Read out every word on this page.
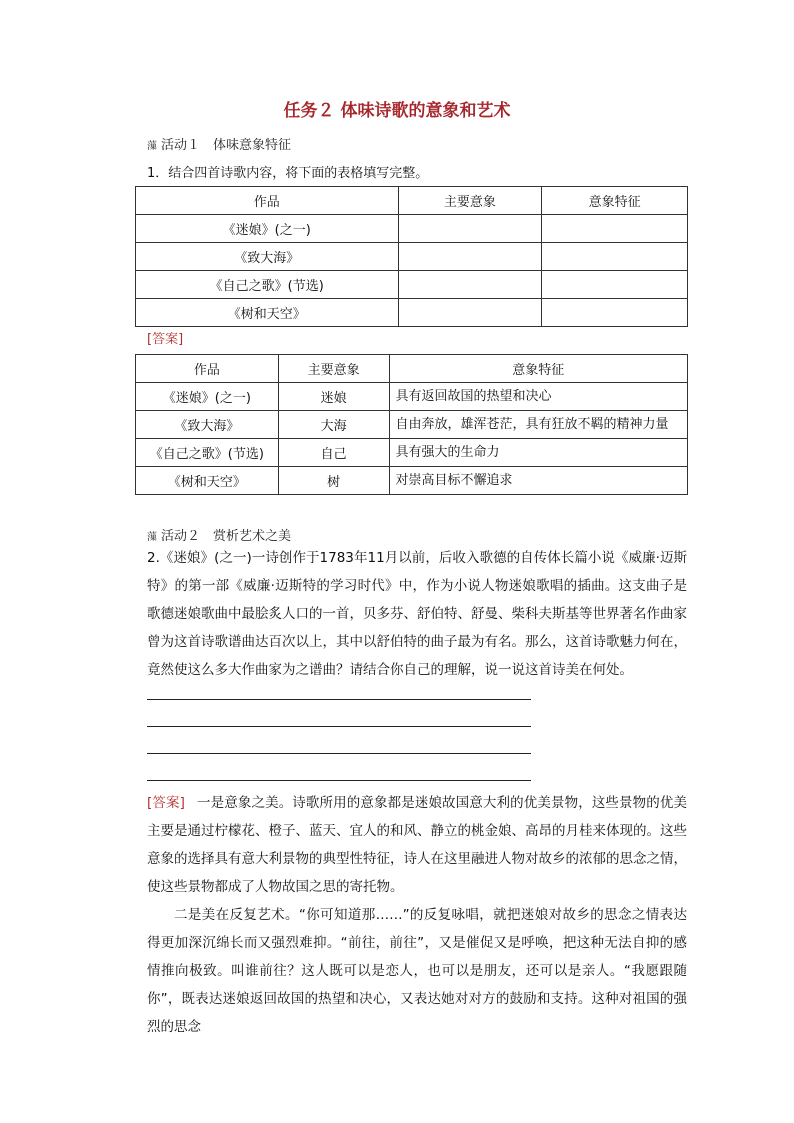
任务２ 体味诗歌的意象和艺术
薻 活动１　体味意象特征
1．结合四首诗歌内容，将下面的表格填写完整。
作品	主要意象	意象特征
《迷娘》(之一)		
《致大海》		
《自己之歌》(节选)		
《树和天空》		
[答案]
作品	主要意象	意象特征
《迷娘》(之一)	迷娘	具有返回故国的热望和决心
《致大海》	大海	自由奔放，雄浑苍茫，具有狂放不羁的精神力量
《自己之歌》(节选)	自己	具有强大的生命力
《树和天空》	树	对崇高目标不懈追求
薻 活动２　赏析艺术之美
2.《迷娘》(之一)一诗创作于1783年11月以前，后收入歌德的自传体长篇小说《威廉·迈斯特》的第一部《威廉·迈斯特的学习时代》中，作为小说人物迷娘歌唱的插曲。这支曲子是歌德迷娘歌曲中最脍炙人口的一首，贝多芬、舒伯特、舒曼、柴科夫斯基等世界著名作曲家曾为这首诗歌谱曲达百次以上，其中以舒伯特的曲子最为有名。那么，这首诗歌魅力何在，竟然使这么多大作曲家为之谱曲？请结合你自己的理解，说一说这首诗美在何处。
[答案] 一是意象之美。诗歌所用的意象都是迷娘故国意大利的优美景物，这些景物的优美主要是通过柠檬花、橙子、蓝天、宜人的和风、静立的桃金娘、高昂的月桂来体现的。这些意象的选择具有意大利景物的典型性特征，诗人在这里融进人物对故乡的浓郁的思念之情，使这些景物都成了人物故国之思的寄托物。
二是美在反复艺术。“你可知道那……”的反复咏唱，就把迷娘对故乡的思念之情表达得更加深沉绵长而又强烈难抑。“前往，前往”，又是催促又是呼唤，把这种无法自抑的感情推向极致。叫谁前往？这人既可以是恋人，也可以是朋友，还可以是亲人。“我愿跟随你”，既表达迷娘返回故国的热望和决心，又表达她对对方的鼓励和支持。这种对祖国的强烈的思念
